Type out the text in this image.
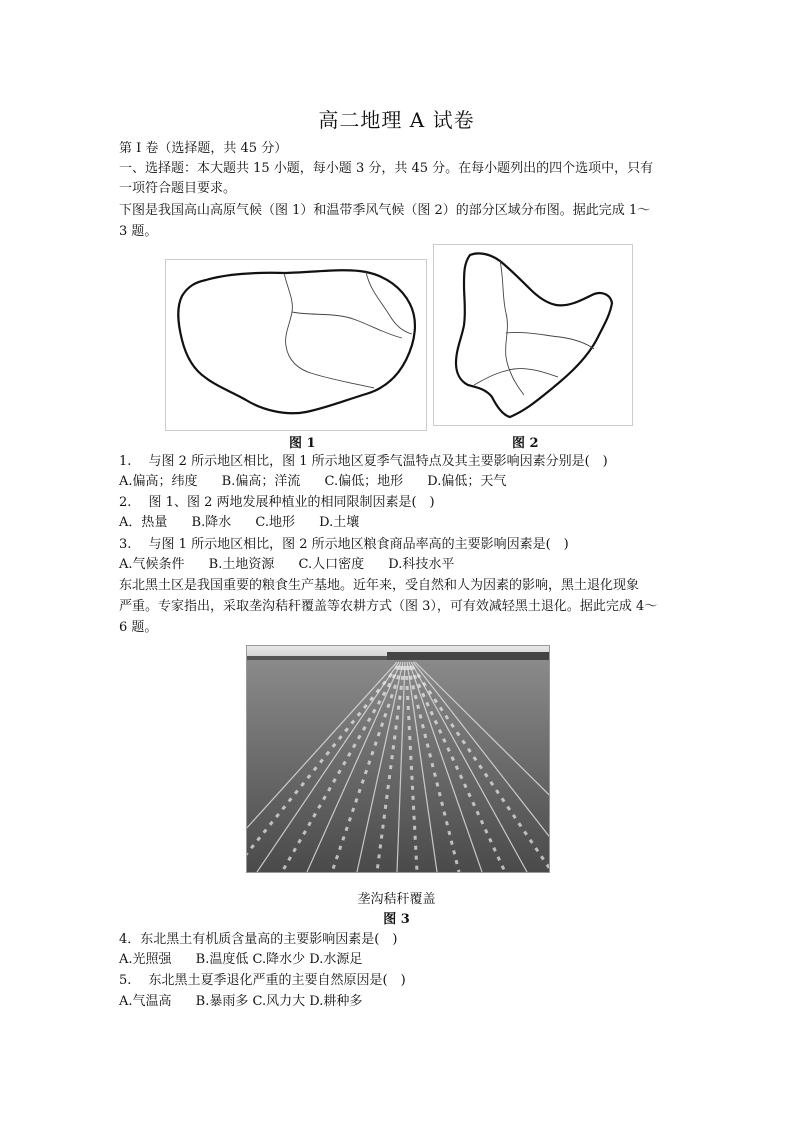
高二地理 A 试卷
第 I 卷（选择题，共 45 分）
一、选择题：本大题共 15 小题，每小题 3 分，共 45 分。在每小题列出的四个选项中，只有
一项符合题目要求。
下图是我国高山高原气候（图 1）和温带季风气候（图 2）的部分区域分布图。据此完成 1～
3 题。
图 1	图 2
1.　 与图 2 所示地区相比，图 1 所示地区夏季气温特点及其主要影响因素分别是(　)
A.偏高；纬度 B.偏高；洋流 C.偏低；地形 D.偏低；天气
2.　 图 1、图 2 两地发展种植业的相同限制因素是(　)
A．热量 B.降水 C.地形 D.土壤
3.　 与图 1 所示地区相比，图 2 所示地区粮食商品率高的主要影响因素是(　)
A.气候条件 B.土地资源 C.人口密度 D.科技水平
东北黑土区是我国重要的粮食生产基地。近年来，受自然和人为因素的影响，黑土退化现象
严重。专家指出，采取垄沟秸秆覆盖等农耕方式（图 3），可有效减轻黑土退化。据此完成 4～
6 题。
垄沟秸秆覆盖
图 3
4．东北黑土有机质含量高的主要影响因素是(　)
A.光照强 B.温度低 C.降水少 D.水源足
5.　 东北黑土夏季退化严重的主要自然原因是(　)
A.气温高 B.暴雨多 C.风力大 D.耕种多
